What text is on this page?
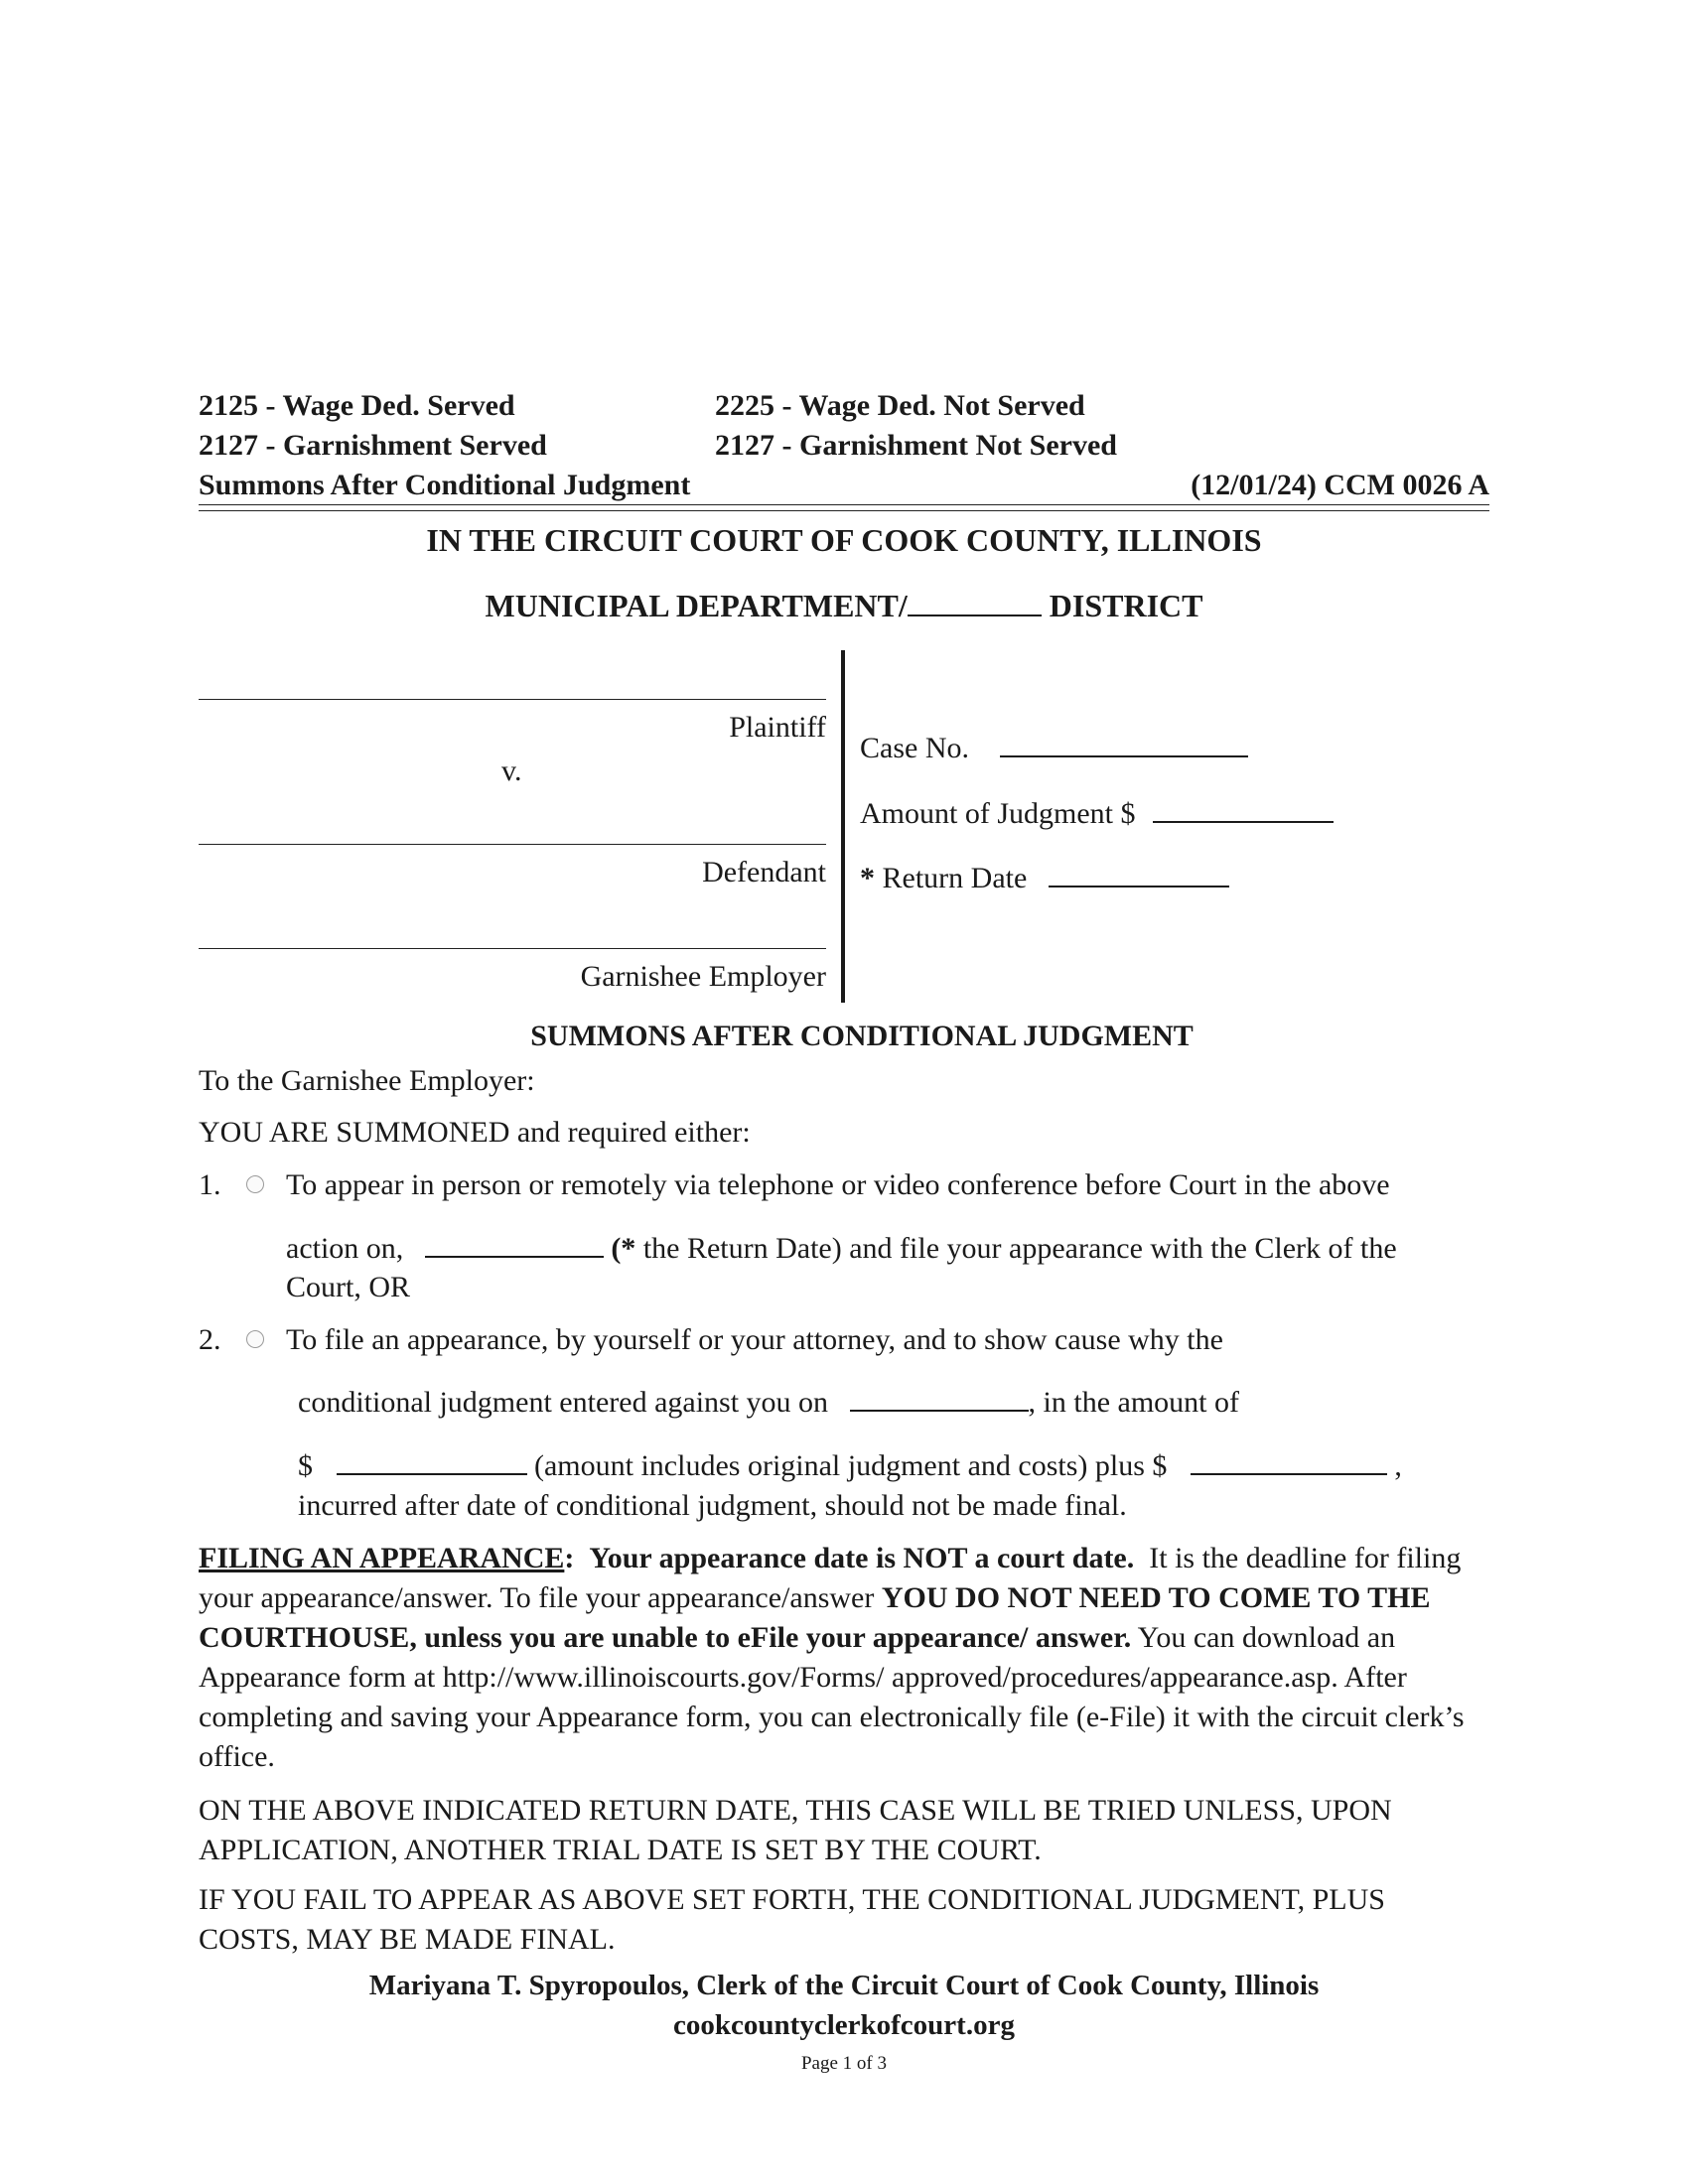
2125 - Wage Ded. Served	2225 - Wage Ded. Not Served
2127 - Garnishment Served	2127 - Garnishment Not Served
Summons After Conditional Judgment	(12/01/24) CCM 0026 A
IN THE CIRCUIT COURT OF COOK COUNTY, ILLINOIS
MUNICIPAL DEPARTMENT/	DISTRICT
Plaintiff
v.
Defendant
Garnishee Employer
Case No.
Amount of Judgment $
* Return Date
SUMMONS AFTER CONDITIONAL JUDGMENT
To the Garnishee Employer:
YOU ARE SUMMONED and required either:
1. To appear in person or remotely via telephone or video conference before Court in the above
action on,	(* the Return Date) and file your appearance with the Clerk of the
Court, OR
2. To file an appearance, by yourself or your attorney, and to show cause why the
conditional judgment entered against you on	, in the amount of
$	(amount includes original judgment and costs) plus $	,
incurred after date of conditional judgment, should not be made final.
FILING AN APPEARANCE: Your appearance date is NOT a court date. It is the deadline for filing your appearance/answer. To file your appearance/answer YOU DO NOT NEED TO COME TO THE COURTHOUSE, unless you are unable to eFile your appearance/ answer. You can download an Appearance form at http://www.illinoiscourts.gov/Forms/ approved/procedures/appearance.asp. After completing and saving your Appearance form, you can electronically file (e-File) it with the circuit clerk’s office.
ON THE ABOVE INDICATED RETURN DATE, THIS CASE WILL BE TRIED UNLESS, UPON APPLICATION, ANOTHER TRIAL DATE IS SET BY THE COURT.
IF YOU FAIL TO APPEAR AS ABOVE SET FORTH, THE CONDITIONAL JUDGMENT, PLUS COSTS, MAY BE MADE FINAL.
Mariyana T. Spyropoulos, Clerk of the Circuit Court of Cook County, Illinois
cookcountyclerkofcourt.org
Page 1 of 3
